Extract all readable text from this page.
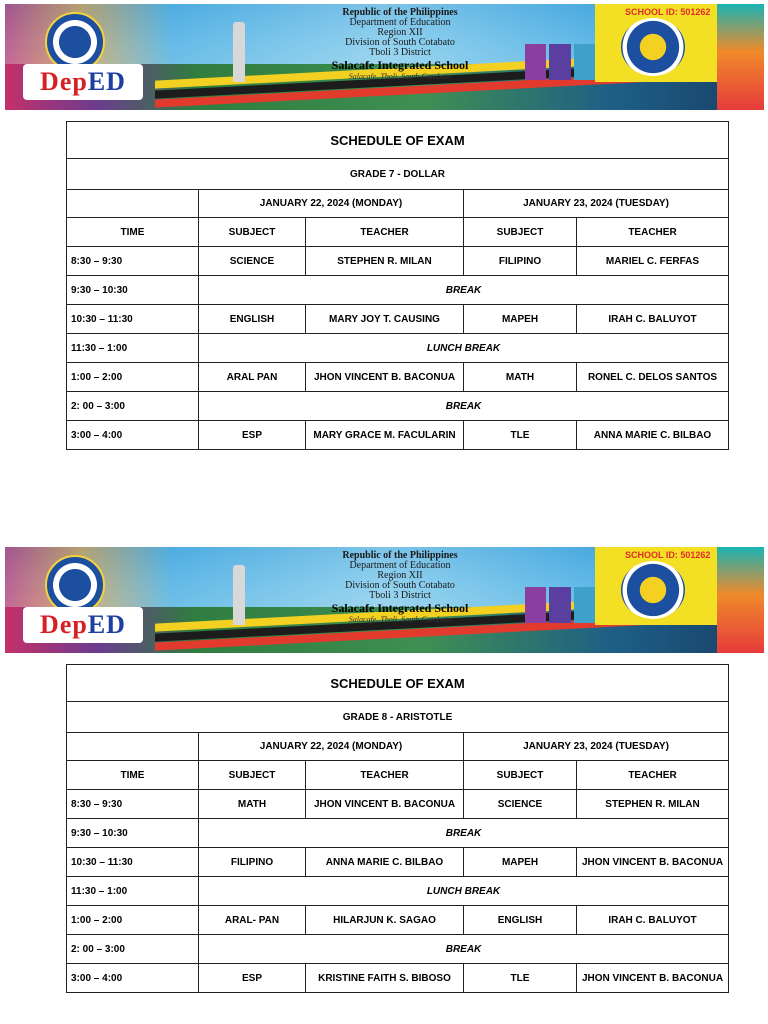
DepED
Republic of the Philippines
Department of Education
Region XII
Division of South Cotabato
Tboli 3 District
Salacafe Integrated School
Salacafe, Tboli, South Cotabato
SCHOOL ID: 501262
SCHEDULE OF EXAM				
GRADE 7 - DOLLAR				
	JANUARY 22, 2024 (MONDAY)		JANUARY 23, 2024 (TUESDAY)	
TIME	SUBJECT	TEACHER	SUBJECT	TEACHER
8:30 – 9:30	SCIENCE	STEPHEN R. MILAN	FILIPINO	MARIEL C. FERFAS
9:30 – 10:30	BREAK			
10:30 – 11:30	ENGLISH	MARY JOY T. CAUSING	MAPEH	IRAH C. BALUYOT
11:30 – 1:00	LUNCH BREAK			
1:00 – 2:00	ARAL PAN	JHON VINCENT B. BACONUA	MATH	RONEL C. DELOS SANTOS
2: 00 – 3:00	BREAK			
3:00 – 4:00	ESP	MARY GRACE M. FACULARIN	TLE	ANNA MARIE C. BILBAO
DepED
Republic of the Philippines
Department of Education
Region XII
Division of South Cotabato
Tboli 3 District
Salacafe Integrated School
Salacafe, Tboli, South Cotabato
SCHOOL ID: 501262
SCHEDULE OF EXAM				
GRADE 8 - ARISTOTLE				
	JANUARY 22, 2024 (MONDAY)		JANUARY 23, 2024 (TUESDAY)	
TIME	SUBJECT	TEACHER	SUBJECT	TEACHER
8:30 – 9:30	MATH	JHON VINCENT B. BACONUA	SCIENCE	STEPHEN R. MILAN
9:30 – 10:30	BREAK			
10:30 – 11:30	FILIPINO	ANNA MARIE C. BILBAO	MAPEH	JHON VINCENT B. BACONUA
11:30 – 1:00	LUNCH BREAK			
1:00 – 2:00	ARAL- PAN	HILARJUN K. SAGAO	ENGLISH	IRAH C. BALUYOT
2: 00 – 3:00	BREAK			
3:00 – 4:00	ESP	KRISTINE FAITH S. BIBOSO	TLE	JHON VINCENT B. BACONUA
